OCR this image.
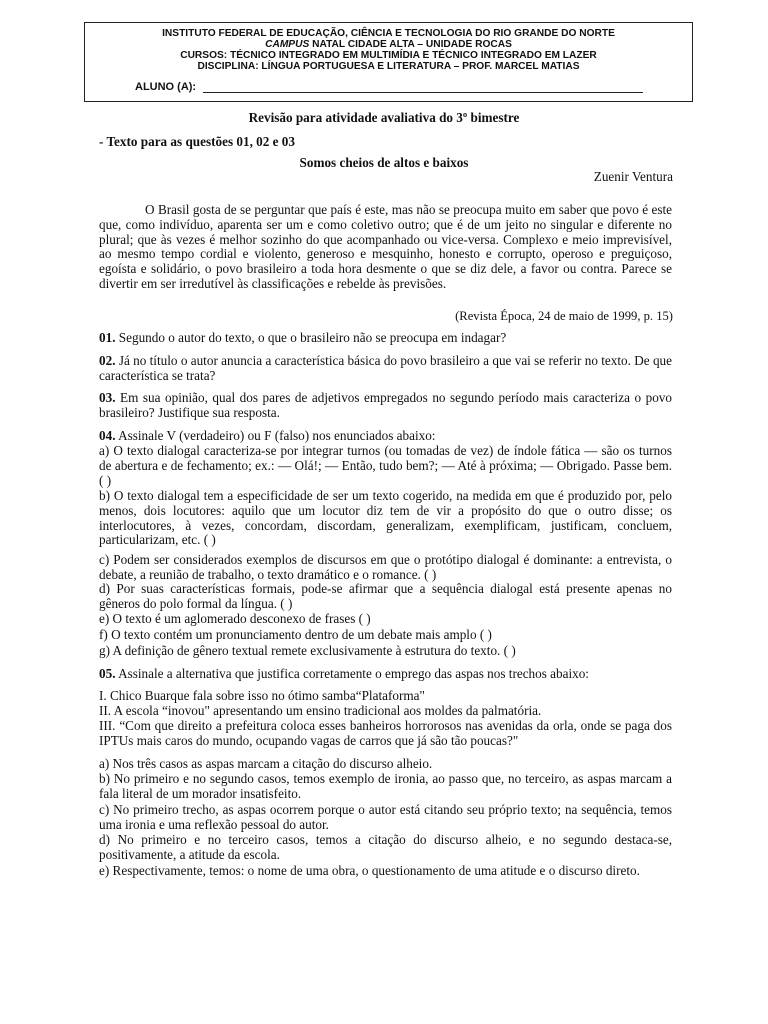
INSTITUTO FEDERAL DE EDUCAÇÃO, CIÊNCIA E TECNOLOGIA DO RIO GRANDE DO NORTE
CAMPUS NATAL CIDADE ALTA – UNIDADE ROCAS
CURSOS: TÉCNICO INTEGRADO EM MULTIMÍDIA E TÉCNICO INTEGRADO EM LAZER
DISCIPLINA: LÍNGUA PORTUGUESA E LITERATURA – PROF. MARCEL MATIAS
ALUNO (A):
Revisão para atividade avaliativa do 3º bimestre
- Texto para as questões 01, 02 e 03
Somos cheios de altos e baixos
Zuenir Ventura
O Brasil gosta de se perguntar que país é este, mas não se preocupa muito em saber que povo é este que, como indivíduo, aparenta ser um e como coletivo outro; que é de um jeito no singular e diferente no plural; que às vezes é melhor sozinho do que acompanhado ou vice-versa. Complexo e meio imprevisível, ao mesmo tempo cordial e violento, generoso e mesquinho, honesto e corrupto, operoso e preguiçoso, egoísta e solidário, o povo brasileiro a toda hora desmente o que se diz dele, a favor ou contra. Parece se divertir em ser irredutível às classificações e rebelde às previsões.
(Revista Época, 24 de maio de 1999, p. 15)
01. Segundo o autor do texto, o que o brasileiro não se preocupa em indagar?
02. Já no título o autor anuncia a característica básica do povo brasileiro a que vai se referir no texto. De que característica se trata?
03. Em sua opinião, qual dos pares de adjetivos empregados no segundo período mais caracteriza o povo brasileiro? Justifique sua resposta.
04. Assinale V (verdadeiro) ou F (falso) nos enunciados abaixo:
a) O texto dialogal caracteriza-se por integrar turnos (ou tomadas de vez) de índole fática — são os turnos de abertura e de fechamento; ex.: — Olá!; — Então, tudo bem?; — Até à próxima; — Obrigado. Passe bem. ( )
b) O texto dialogal tem a especificidade de ser um texto cogerido, na medida em que é produzido por, pelo menos, dois locutores: aquilo que um locutor diz tem de vir a propósito do que o outro disse; os interlocutores, à vezes, concordam, discordam, generalizam, exemplificam, justificam, concluem, particularizam, etc. ( )
c) Podem ser considerados exemplos de discursos em que o protótipo dialogal é dominante: a entrevista, o debate, a reunião de trabalho, o texto dramático e o romance. ( )
d) Por suas características formais, pode-se afirmar que a sequência dialogal está presente apenas no gêneros do polo formal da língua. ( )
e) O texto é um aglomerado desconexo de frases ( )
f) O texto contém um pronunciamento dentro de um debate mais amplo ( )
g) A definição de gênero textual remete exclusivamente à estrutura do texto. ( )
05. Assinale a alternativa que justifica corretamente o emprego das aspas nos trechos abaixo:
I. Chico Buarque fala sobre isso no ótimo samba“Plataforma"
II. A escola “inovou" apresentando um ensino tradicional aos moldes da palmatória.
III. “Com que direito a prefeitura coloca esses banheiros horrorosos nas avenidas da orla, onde se paga dos IPTUs mais caros do mundo, ocupando vagas de carros que já são tão poucas?"
a) Nos três casos as aspas marcam a citação do discurso alheio.
b) No primeiro e no segundo casos, temos exemplo de ironia, ao passo que, no terceiro, as aspas marcam a fala literal de um morador insatisfeito.
c) No primeiro trecho, as aspas ocorrem porque o autor está citando seu próprio texto; na sequência, temos uma ironia e uma reflexão pessoal do autor.
d) No primeiro e no terceiro casos, temos a citação do discurso alheio, e no segundo destaca-se, positivamente, a atitude da escola.
e) Respectivamente, temos: o nome de uma obra, o questionamento de uma atitude e o discurso direto.
